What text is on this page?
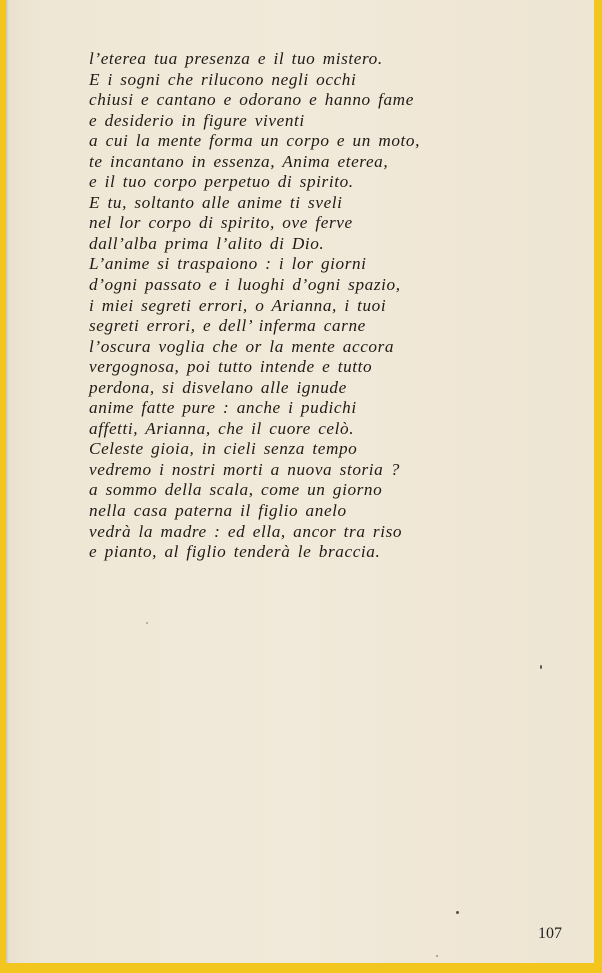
l’eterea tua presenza e il tuo mistero.
E i sogni che rilucono negli occhi
chiusi e cantano e odorano e hanno fame
e desiderio in figure viventi
a cui la mente forma un corpo e un moto,
te incantano in essenza, Anima eterea,
e il tuo corpo perpetuo di spirito.
E tu, soltanto alle anime ti sveli
nel lor corpo di spirito, ove ferve
dall’alba prima l’alito di Dio.
L’anime si traspaiono : i lor giorni
d’ogni passato e i luoghi d’ogni spazio,
i miei segreti errori, o Arianna, i tuoi
segreti errori, e dell’ inferma carne
l’oscura voglia che or la mente accora
vergognosa, poi tutto intende e tutto
perdona, si disvelano alle ignude
anime fatte pure : anche i pudichi
affetti, Arianna, che il cuore celò.
Celeste gioia, in cieli senza tempo
vedremo i nostri morti a nuova storia ?
a sommo della scala, come un giorno
nella casa paterna il figlio anelo
vedrà la madre : ed ella, ancor tra riso
e pianto, al figlio tenderà le braccia.
107
